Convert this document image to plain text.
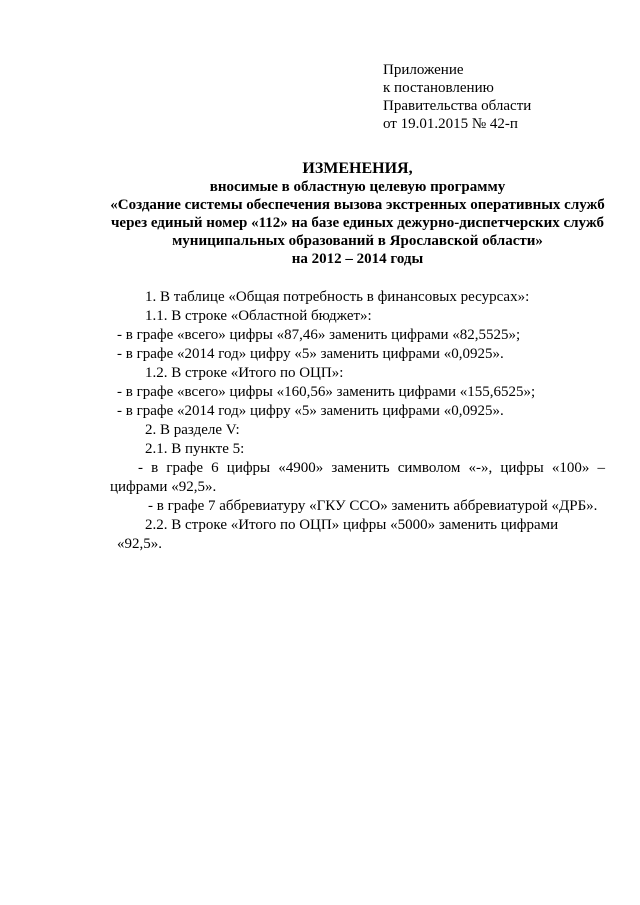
Приложение
к постановлению
Правительства области
от 19.01.2015 № 42-п
ИЗМЕНЕНИЯ,
вносимые в областную целевую программу
«Создание системы обеспечения вызова экстренных оперативных служб
через единый номер «112» на базе единых дежурно-диспетчерских служб
муниципальных образований в Ярославской области»
на 2012 – 2014 годы

1. В таблице «Общая потребность в финансовых ресурсах»:

1.1. В строке «Областной бюджет»:

- в графе «всего» цифры «87,46» заменить цифрами «82,5525»;

- в графе «2014 год» цифру «5» заменить цифрами «0,0925».

1.2. В строке «Итого по ОЦП»:

- в графе «всего» цифры «160,56» заменить цифрами «155,6525»;

- в графе «2014 год» цифру «5» заменить цифрами «0,0925».

2. В разделе V:

2.1. В пункте 5:

- в графе 6 цифры «4900» заменить символом «-», цифры «100» – цифрами «92,5».

- в графе 7 аббревиатуру «ГКУ ССО» заменить аббревиатурой «ДРБ».

2.2. В строке «Итого по ОЦП» цифры «5000» заменить цифрами «92,5».
